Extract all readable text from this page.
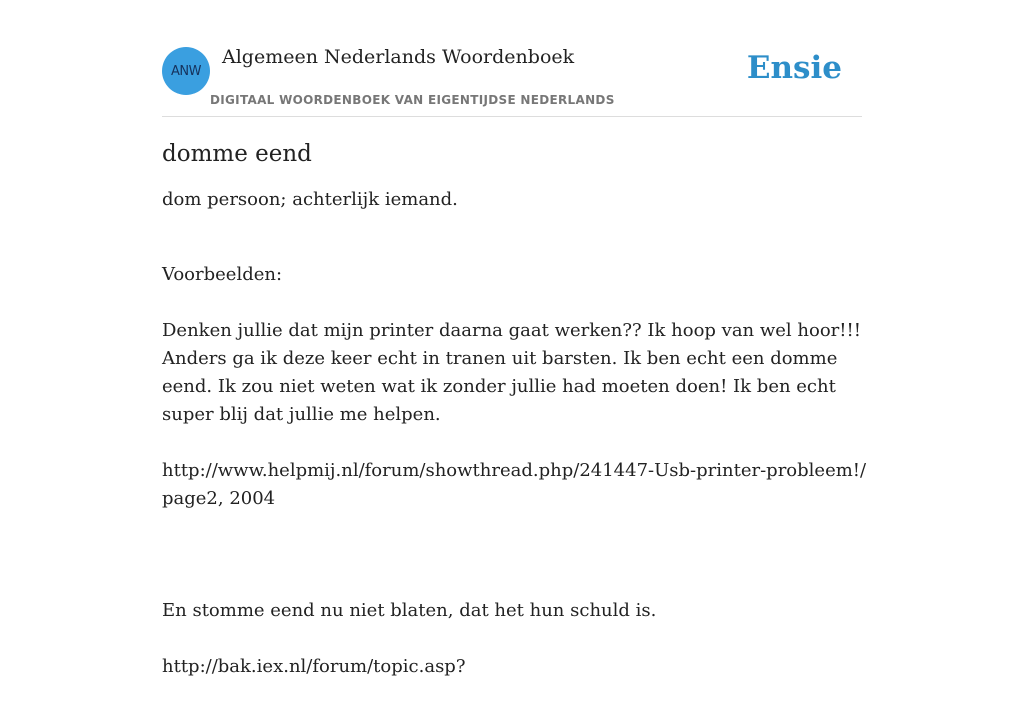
ANW
Algemeen Nederlands Woordenboek
DIGITAAL WOORDENBOEK VAN EIGENTIJDSE NEDERLANDS
Ensie
domme eend

dom persoon; achterlijk iemand.

Voorbeelden:

Denken jullie dat mijn printer daarna gaat werken?? Ik hoop van wel hoor!!! Anders ga ik deze keer echt in tranen uit barsten. Ik ben echt een domme eend. Ik zou niet weten wat ik zonder jullie had moeten doen! Ik ben echt super blij dat jullie me helpen.

http://www.helpmij.nl/forum/showthread.php/241447-Usb-printer-probleem!/page2, 2004

En stomme eend nu niet blaten, dat het hun schuld is.

http://bak.iex.nl/forum/topic.asp?
